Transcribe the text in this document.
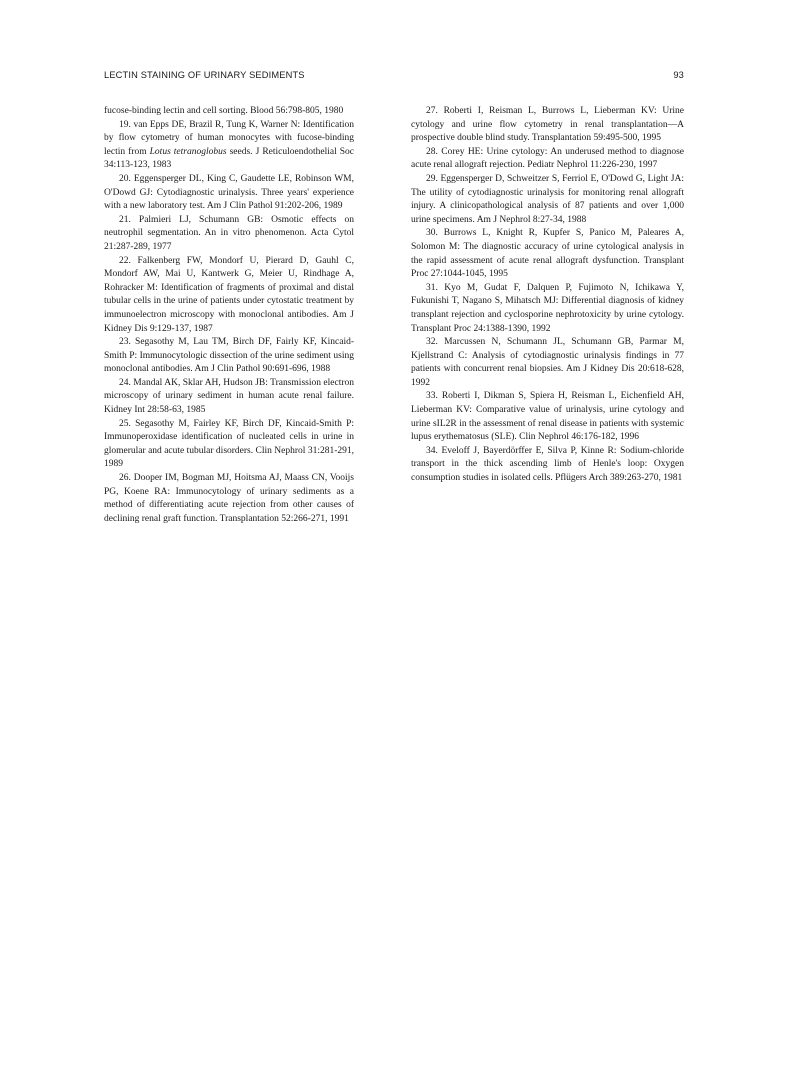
LECTIN STAINING OF URINARY SEDIMENTS	93

fucose-binding lectin and cell sorting. Blood 56:798-805, 1980

19. van Epps DE, Brazil R, Tung K, Warner N: Identification by flow cytometry of human monocytes with fucose-binding lectin from Lotus tetranoglobus seeds. J Reticuloendothelial Soc 34:113-123, 1983

20. Eggensperger DL, King C, Gaudette LE, Robinson WM, O'Dowd GJ: Cytodiagnostic urinalysis. Three years' experience with a new laboratory test. Am J Clin Pathol 91:202-206, 1989

21. Palmieri LJ, Schumann GB: Osmotic effects on neutrophil segmentation. An in vitro phenomenon. Acta Cytol 21:287-289, 1977

22. Falkenberg FW, Mondorf U, Pierard D, Gauhl C, Mondorf AW, Mai U, Kantwerk G, Meier U, Rindhage A, Rohracker M: Identification of fragments of proximal and distal tubular cells in the urine of patients under cytostatic treatment by immunoelectron microscopy with monoclonal antibodies. Am J Kidney Dis 9:129-137, 1987

23. Segasothy M, Lau TM, Birch DF, Fairly KF, Kincaid-Smith P: Immunocytologic dissection of the urine sediment using monoclonal antibodies. Am J Clin Pathol 90:691-696, 1988

24. Mandal AK, Sklar AH, Hudson JB: Transmission electron microscopy of urinary sediment in human acute renal failure. Kidney Int 28:58-63, 1985

25. Segasothy M, Fairley KF, Birch DF, Kincaid-Smith P: Immunoperoxidase identification of nucleated cells in urine in glomerular and acute tubular disorders. Clin Nephrol 31:281-291, 1989

26. Dooper IM, Bogman MJ, Hoitsma AJ, Maass CN, Vooijs PG, Koene RA: Immunocytology of urinary sediments as a method of differentiating acute rejection from other causes of declining renal graft function. Transplantation 52:266-271, 1991

27. Roberti I, Reisman L, Burrows L, Lieberman KV: Urine cytology and urine flow cytometry in renal transplantation—A prospective double blind study. Transplantation 59:495-500, 1995

28. Corey HE: Urine cytology: An underused method to diagnose acute renal allograft rejection. Pediatr Nephrol 11:226-230, 1997

29. Eggensperger D, Schweitzer S, Ferriol E, O'Dowd G, Light JA: The utility of cytodiagnostic urinalysis for monitoring renal allograft injury. A clinicopathological analysis of 87 patients and over 1,000 urine specimens. Am J Nephrol 8:27-34, 1988

30. Burrows L, Knight R, Kupfer S, Panico M, Paleares A, Solomon M: The diagnostic accuracy of urine cytological analysis in the rapid assessment of acute renal allograft dysfunction. Transplant Proc 27:1044-1045, 1995

31. Kyo M, Gudat F, Dalquen P, Fujimoto N, Ichikawa Y, Fukunishi T, Nagano S, Mihatsch MJ: Differential diagnosis of kidney transplant rejection and cyclosporine nephrotoxicity by urine cytology. Transplant Proc 24:1388-1390, 1992

32. Marcussen N, Schumann JL, Schumann GB, Parmar M, Kjellstrand C: Analysis of cytodiagnostic urinalysis findings in 77 patients with concurrent renal biopsies. Am J Kidney Dis 20:618-628, 1992

33. Roberti I, Dikman S, Spiera H, Reisman L, Eichenfield AH, Lieberman KV: Comparative value of urinalysis, urine cytology and urine sIL2R in the assessment of renal disease in patients with systemic lupus erythematosus (SLE). Clin Nephrol 46:176-182, 1996

34. Eveloff J, Bayerdörffer E, Silva P, Kinne R: Sodium-chloride transport in the thick ascending limb of Henle's loop: Oxygen consumption studies in isolated cells. Pflügers Arch 389:263-270, 1981
